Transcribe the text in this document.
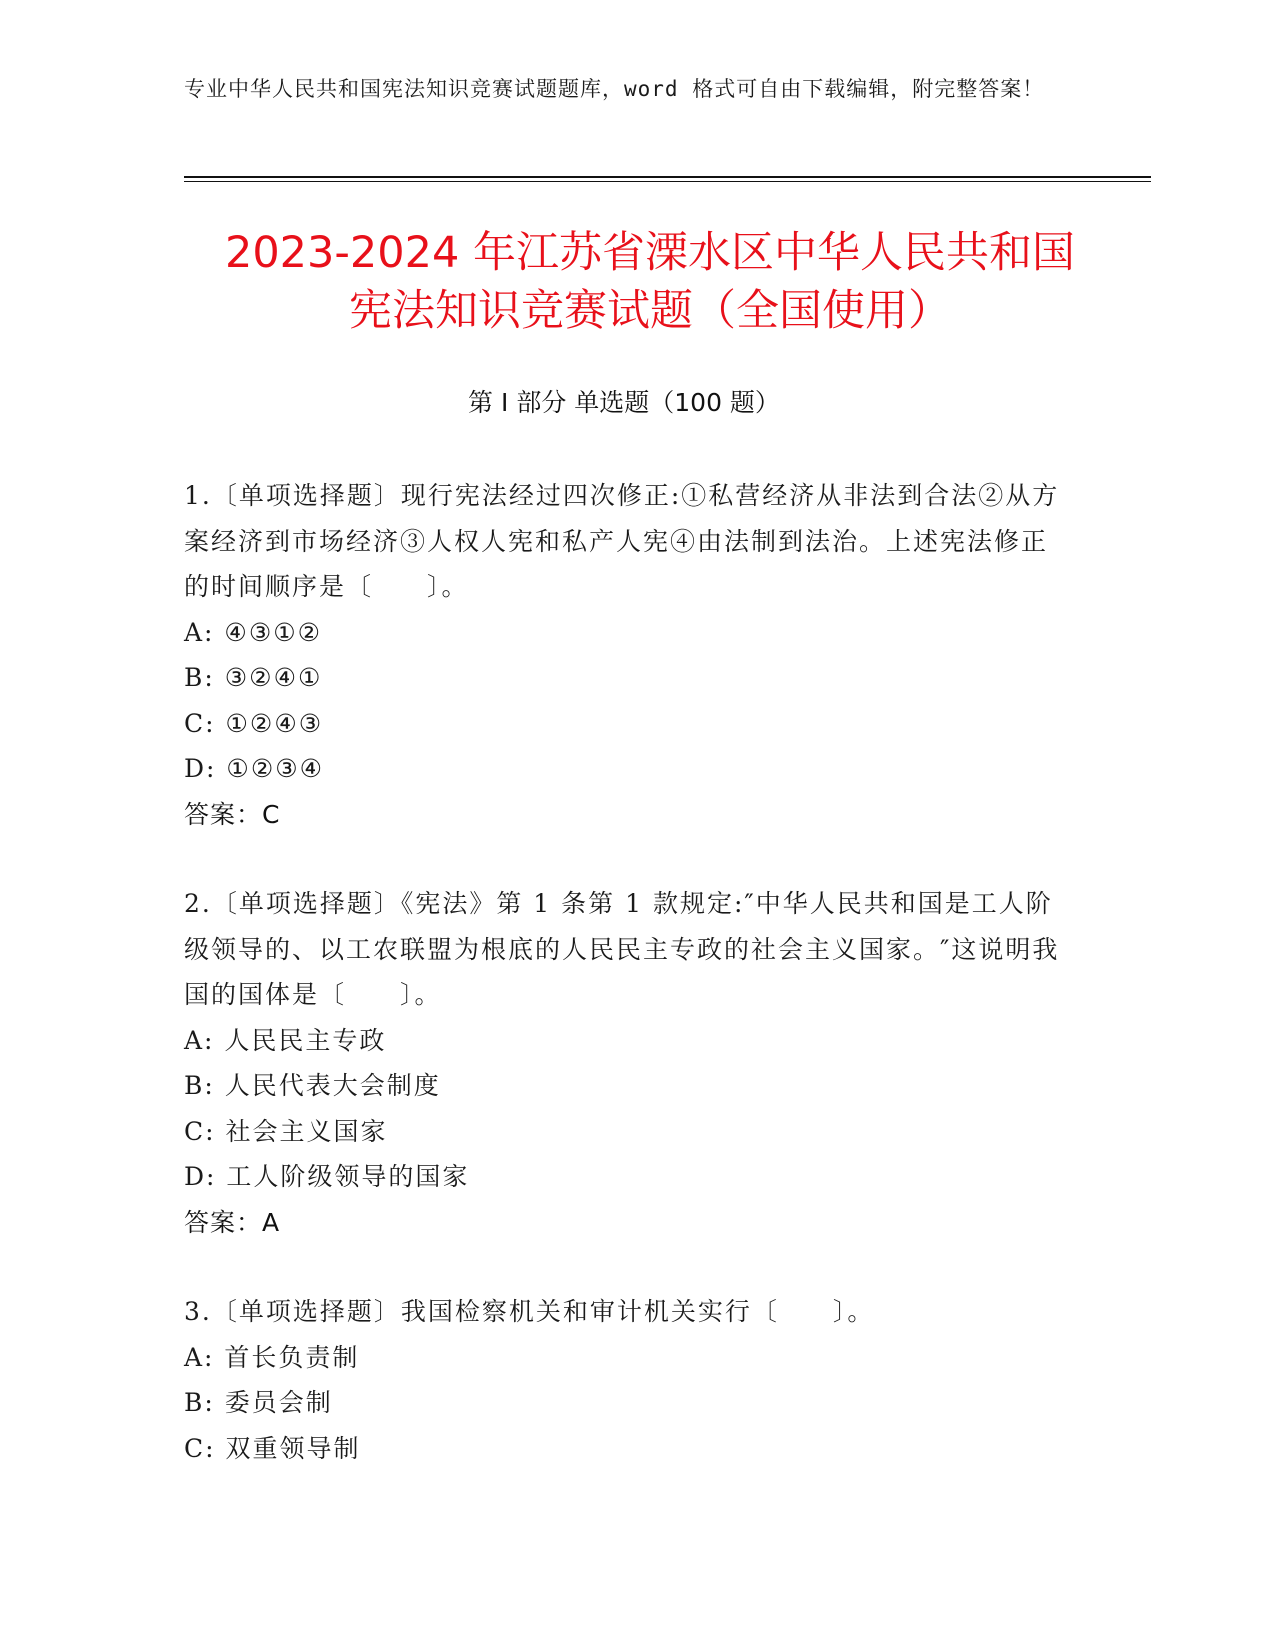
专业中华人民共和国宪法知识竞赛试题题库，word 格式可自由下载编辑，附完整答案！

2023-2024 年江苏省溧水区中华人民共和国
宪法知识竞赛试题（全国使用）
第 I 部分 单选题（100 题）

1.〔单项选择题〕现行宪法经过四次修正:①私营经济从非法到合法②从方案经济到市场经济③人权人宪和私产人宪④由法制到法治。上述宪法修正的时间顺序是〔　　〕。

A: ④③①②

B: ③②④①

C: ①②④③

D: ①②③④

答案：C

2.〔单项选择题〕《宪法》第 1 条第 1 款规定:″中华人民共和国是工人阶级领导的、以工农联盟为根底的人民民主专政的社会主义国家。″这说明我国的国体是〔　　〕。

A: 人民民主专政

B: 人民代表大会制度

C: 社会主义国家

D: 工人阶级领导的国家

答案：A

3.〔单项选择题〕我国检察机关和审计机关实行〔　　〕。

A: 首长负责制

B: 委员会制

C: 双重领导制
